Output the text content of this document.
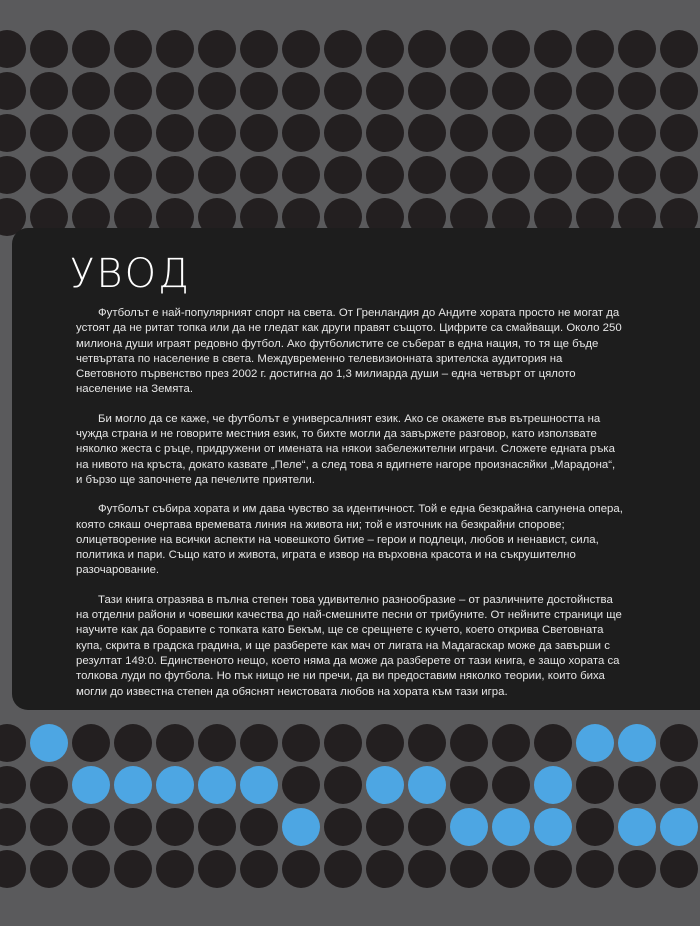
УВОД

Футболът е най-популярният спорт на света. От Гренландия до Андите хората просто не могат да устоят да не ритат топка или да не гледат как други правят същото. Цифрите са смайващи. Около 250 милиона души играят редовно футбол. Ако футболистите се съберат в една нация, то тя ще бъде четвъртата по население в света. Междувременно телевизионната зрителска аудитория на Световното първенство през 2002 г. достигна до 1,3 милиарда души – една четвърт от цялото население на Земята.

Би могло да се каже, че футболът е универсалният език. Ако се окажете във вътрешността на чужда страна и не говорите местния език, то бихте могли да завържете разговор, като използвате няколко жеста с ръце, придружени от имената на някои забележителни играчи. Сложете едната ръка на нивото на кръста, докато казвате „Пеле“, а след това я вдигнете нагоре произнасяйки „Марадона“, и бързо ще започнете да печелите приятели.

Футболът събира хората и им дава чувство за идентичност. Той е една безкрайна сапунена опера, която сякаш очертава времевата линия на живота ни; той е източник на безкрайни спорове; олицетворение на всички аспекти на човешкото битие – герои и подлеци, любов и ненавист, сила, политика и пари. Също като и живота, играта е извор на върховна красота и на съкрушително разочарование.

Тази книга отразява в пълна степен това удивително разнообразие – от различните достойнства на отделни райони и човешки качества до най-смешните песни от трибуните. От нейните страници ще научите как да боравите с топката като Бекъм, ще се срещнете с кучето, което открива Световната купа, скрита в градска градина, и ще разберете как мач от лигата на Мадагаскар може да завърши с резултат 149:0. Единственото нещо, което няма да може да разберете от тази книга, е защо хората са толкова луди по футбола. Но пък нищо не ни пречи, да ви предоставим няколко теории, които биха могли до известна степен да обяснят неистовата любов на хората към тази игра.
